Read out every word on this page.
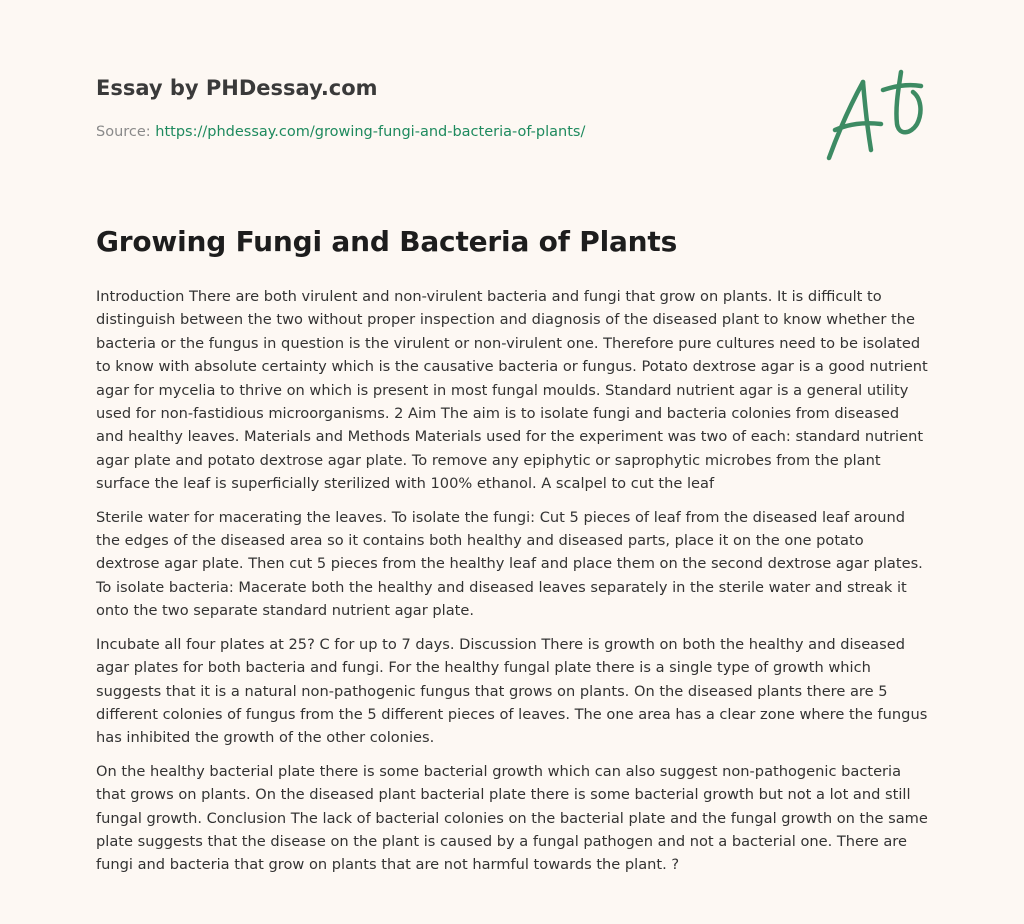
Essay by PHDessay.com
Source: https://phdessay.com/growing-fungi-and-bacteria-of-plants/
Growing Fungi and Bacteria of Plants

Introduction There are both virulent and non-virulent bacteria and fungi that grow on plants. It is difficult to distinguish between the two without proper inspection and diagnosis of the diseased plant to know whether the bacteria or the fungus in question is the virulent or non-virulent one. Therefore pure cultures need to be isolated to know with absolute certainty which is the causative bacteria or fungus. Potato dextrose agar is a good nutrient agar for mycelia to thrive on which is present in most fungal moulds. Standard nutrient agar is a general utility used for non-fastidious microorganisms. 2 Aim The aim is to isolate fungi and bacteria colonies from diseased and healthy leaves. Materials and Methods Materials used for the experiment was two of each: standard nutrient agar plate and potato dextrose agar plate. To remove any epiphytic or saprophytic microbes from the plant surface the leaf is superficially sterilized with 100% ethanol. A scalpel to cut the leaf

Sterile water for macerating the leaves. To isolate the fungi: Cut 5 pieces of leaf from the diseased leaf around the edges of the diseased area so it contains both healthy and diseased parts, place it on the one potato dextrose agar plate. Then cut 5 pieces from the healthy leaf and place them on the second dextrose agar plates. To isolate bacteria: Macerate both the healthy and diseased leaves separately in the sterile water and streak it onto the two separate standard nutrient agar plate.

Incubate all four plates at 25? C for up to 7 days. Discussion There is growth on both the healthy and diseased agar plates for both bacteria and fungi. For the healthy fungal plate there is a single type of growth which suggests that it is a natural non-pathogenic fungus that grows on plants. On the diseased plants there are 5 different colonies of fungus from the 5 different pieces of leaves. The one area has a clear zone where the fungus has inhibited the growth of the other colonies.

On the healthy bacterial plate there is some bacterial growth which can also suggest non-pathogenic bacteria that grows on plants. On the diseased plant bacterial plate there is some bacterial growth but not a lot and still fungal growth. Conclusion The lack of bacterial colonies on the bacterial plate and the fungal growth on the same plate suggests that the disease on the plant is caused by a fungal pathogen and not a bacterial one. There are fungi and bacteria that grow on plants that are not harmful towards the plant. ?
